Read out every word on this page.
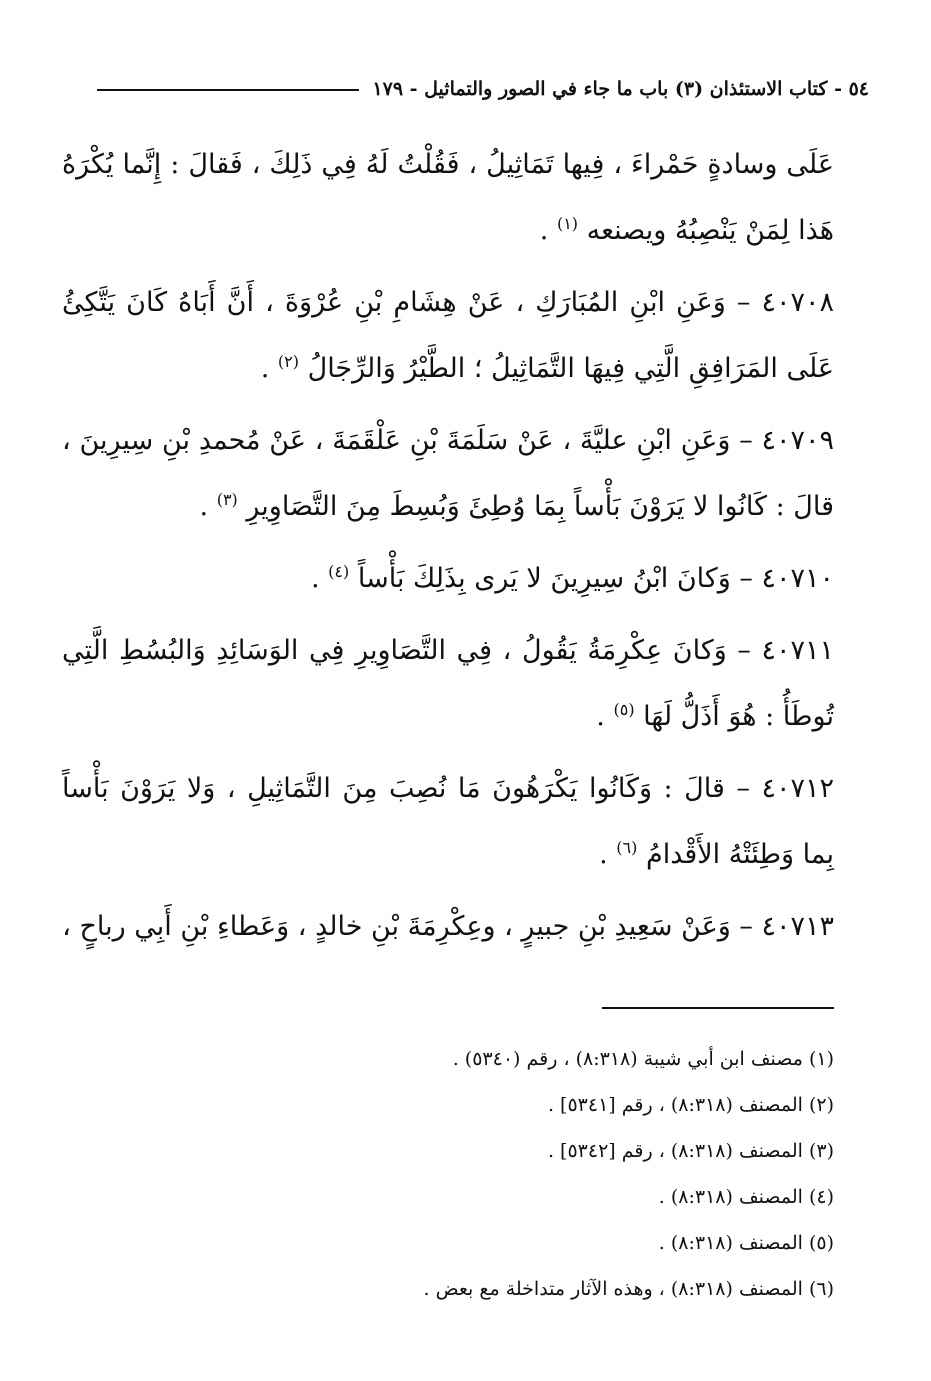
٥٤ - كتاب الاستئذان (٣) باب ما جاء في الصور والتماثيل - ١٧٩

عَلَى وسادةٍ حَمْراءَ ، فِيها تَمَاثِيلُ ، فَقُلْتُ لَهُ فِي ذَلِكَ ، فَقالَ : إِنَّما يُكْرَهُ هَذا لِمَنْ يَنْصِبُهُ ويصنعه $^{(١)}$ .

٤٠٧٠٨ – وَعَنِ ابْنِ المُبَارَكِ ، عَنْ هِشَامِ بْنِ عُرْوَةَ ، أَنَّ أَبَاهُ كَانَ يَتَّكِئُ عَلَى المَرَافِقِ الَّتِي فِيهَا التَّمَاثِيلُ ؛ الطَّيْرُ وَالرِّجَالُ $^{(٢)}$ .

٤٠٧٠٩ – وَعَنِ ابْنِ عليَّةَ ، عَنْ سَلَمَةَ بْنِ عَلْقَمَةَ ، عَنْ مُحمدِ بْنِ سِيرِينَ ، قالَ : كَانُوا لا يَرَوْنَ بَأْساً بِمَا وُطِئَ وَبُسِطَ مِنَ التَّصَاوِيرِ $^{(٣)}$ .

٤٠٧١٠ – وَكانَ ابْنُ سِيرِينَ لا يَرى بِذَلِكَ بَأْساً $^{(٤)}$ .

٤٠٧١١ – وَكانَ عِكْرِمَةُ يَقُولُ ، فِي التَّصَاوِيرِ فِي الوَسَائِدِ وَالبُسُطِ الَّتِي تُوطَأُ : هُوَ أَذَلُّ لَهَا $^{(٥)}$ .

٤٠٧١٢ – قالَ : وَكَانُوا يَكْرَهُونَ مَا نُصِبَ مِنَ التَّمَاثِيلِ ، وَلا يَرَوْنَ بَأْساً بِما وَطِئَتْهُ الأَقْدامُ $^{(٦)}$ .

٤٠٧١٣ – وَعَنْ سَعِيدِ بْنِ جبيرٍ ، وعِكْرِمَةَ بْنِ خالدٍ ، وَعَطاءِ بْنِ أَبِي رباحٍ ،

(١) مصنف ابن أبي شيبة (٨:٣١٨) ، رقم (٥٣٤٠) .
(٢) المصنف (٨:٣١٨) ، رقم [٥٣٤١] .
(٣) المصنف (٨:٣١٨) ، رقم [٥٣٤٢] .
(٤) المصنف (٨:٣١٨) .
(٥) المصنف (٨:٣١٨) .
(٦) المصنف (٨:٣١٨) ، وهذه الآثار متداخلة مع بعض .
